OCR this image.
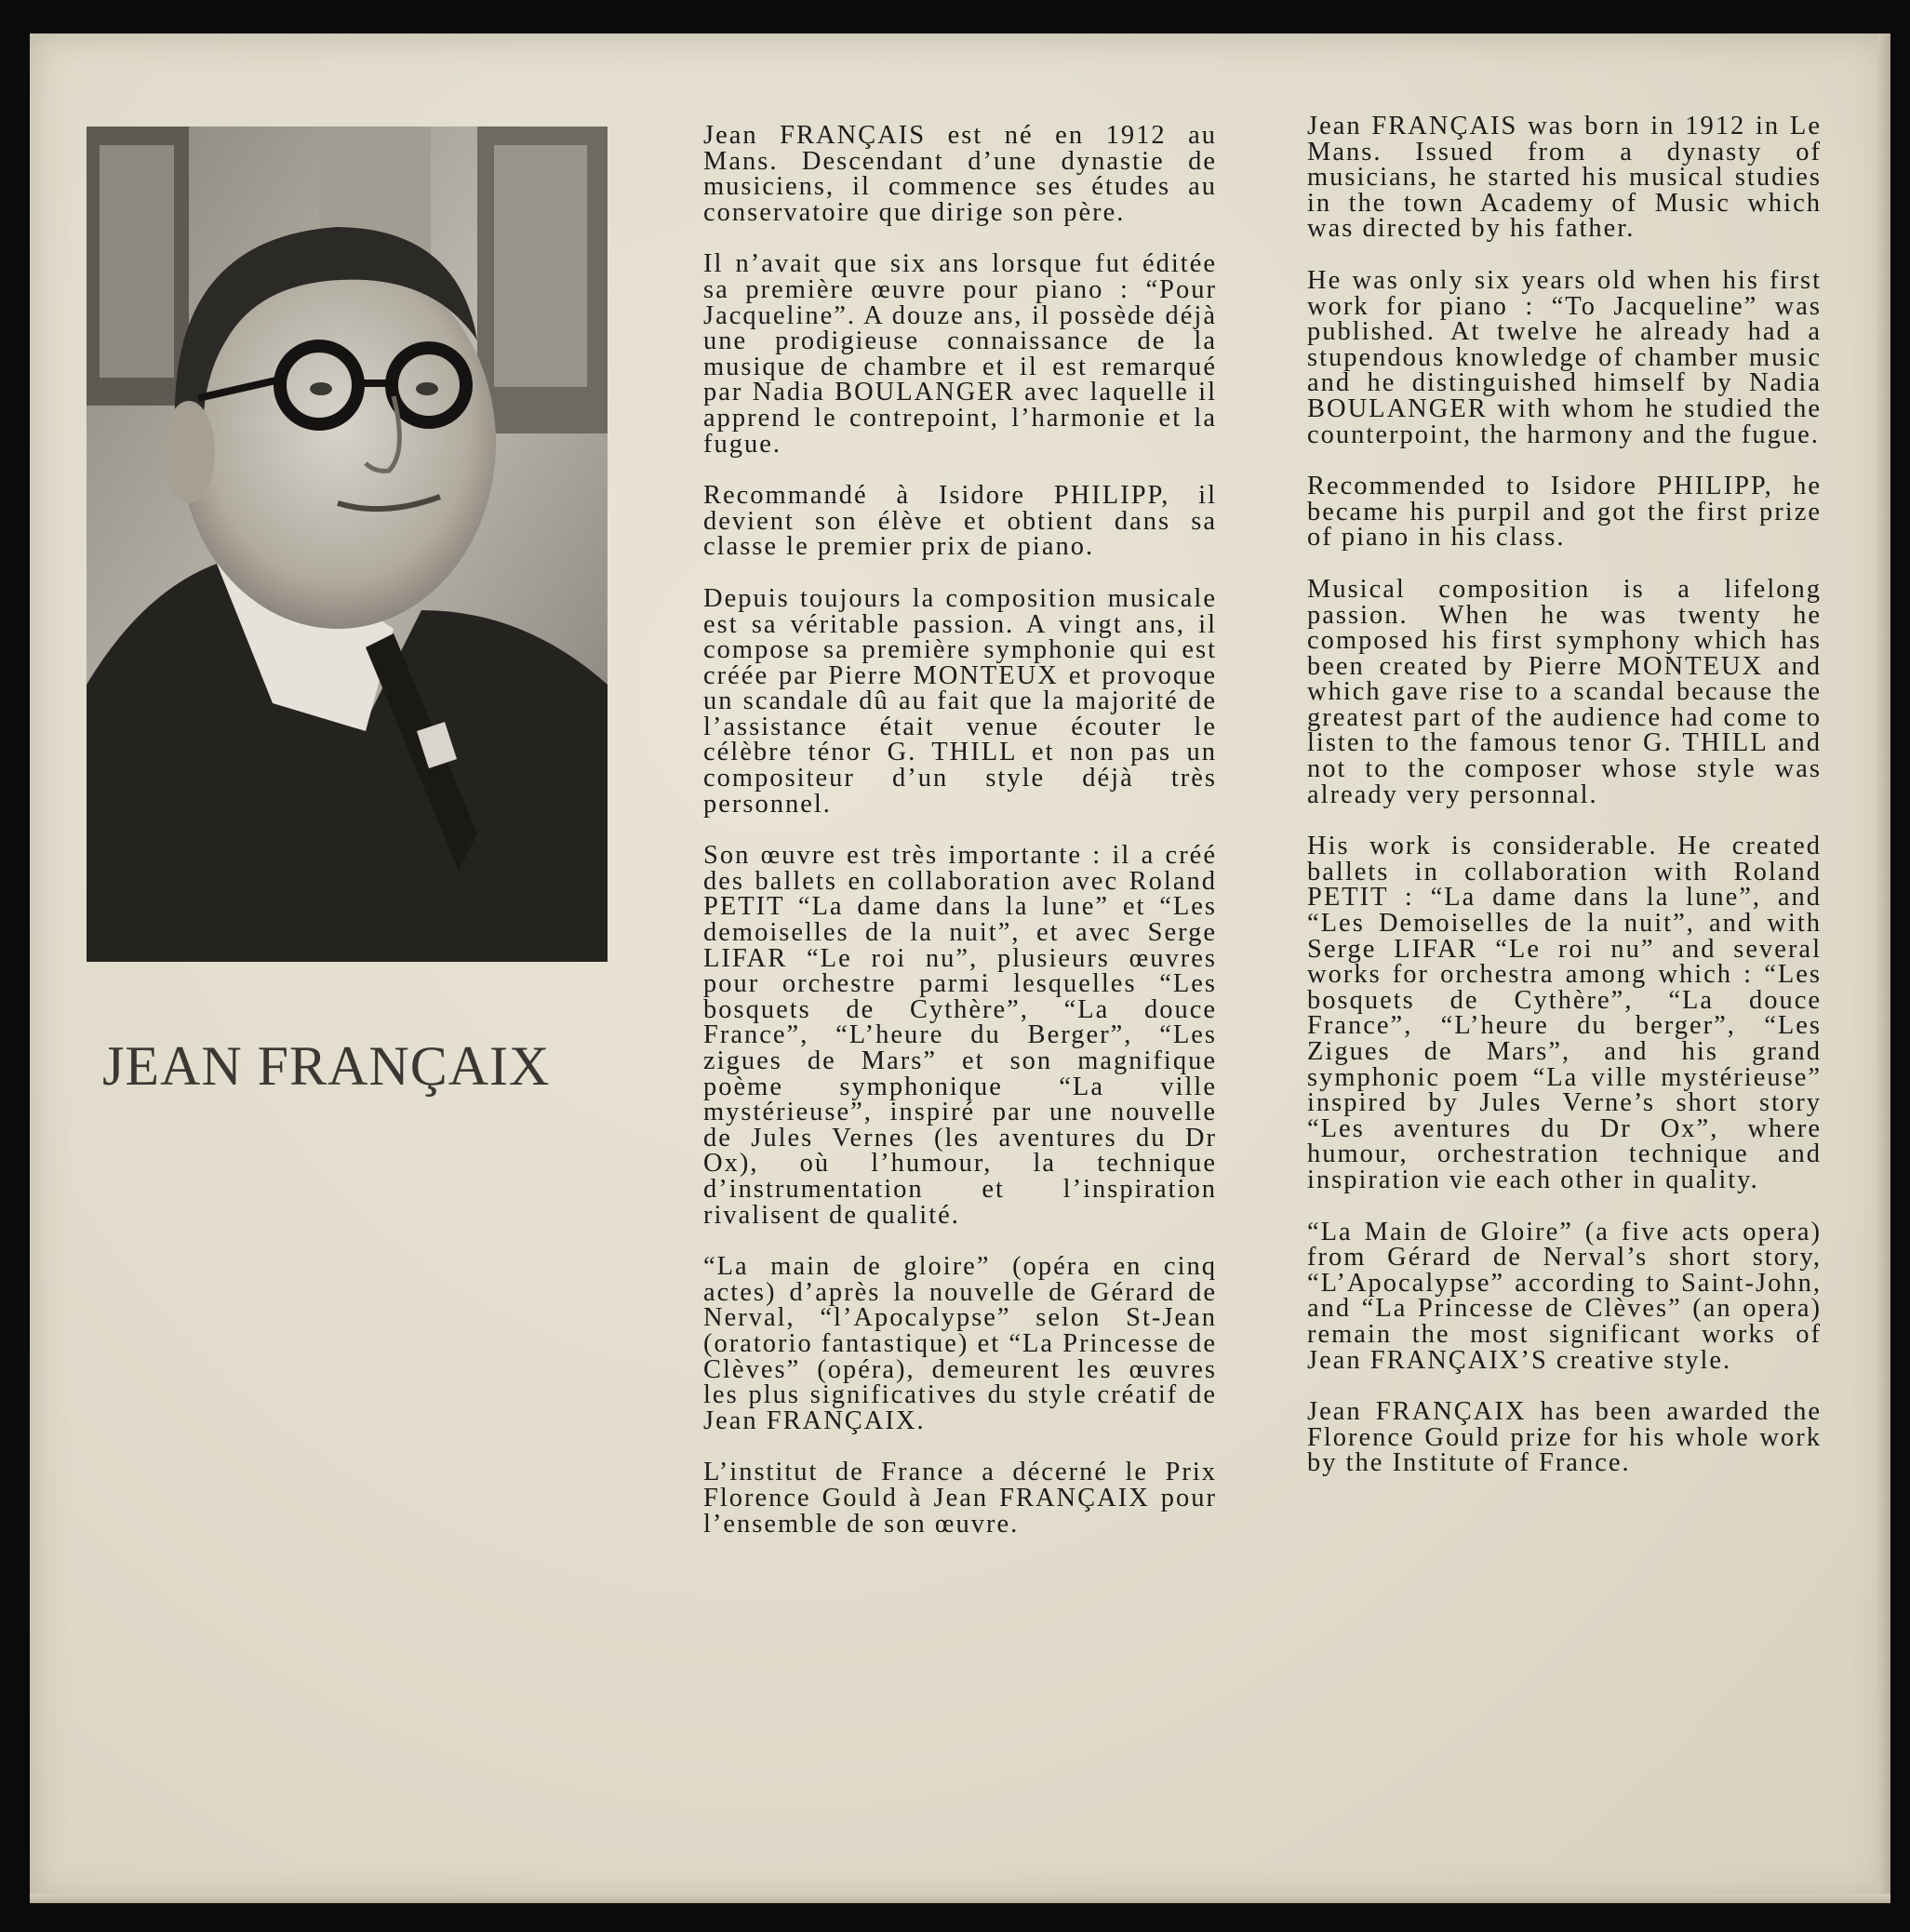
JEAN FRANÇAIX

Jean FRANÇAIS est né en 1912 au Mans. Descendant d’une dynastie de musiciens, il commence ses études au conservatoire que dirige son père.

Il n’avait que six ans lorsque fut éditée sa première œuvre pour piano : “Pour Jacqueline”. A douze ans, il possède déjà une prodigieuse connaissance de la musique de chambre et il est remarqué par Nadia BOULANGER avec laquelle il apprend le contrepoint, l’harmonie et la fugue.

Recommandé à Isidore PHILIPP, il devient son élève et obtient dans sa classe le premier prix de piano.

Depuis toujours la composition musicale est sa véritable passion. A vingt ans, il compose sa première symphonie qui est créée par Pierre MONTEUX et provoque un scandale dû au fait que la majorité de l’assistance était venue écouter le célèbre ténor G. THILL et non pas un compositeur d’un style déjà très personnel.

Son œuvre est très importante : il a créé des ballets en collaboration avec Roland PETIT “La dame dans la lune” et “Les demoiselles de la nuit”, et avec Serge LIFAR “Le roi nu”, plusieurs œuvres pour orchestre parmi lesquelles “Les bosquets de Cythère”, “La douce France”, “L’heure du Berger”, “Les zigues de Mars” et son magnifique poème symphonique “La ville mystérieuse”, inspiré par une nouvelle de Jules Vernes (les aventures du Dr Ox), où l’humour, la technique d’instrumentation et l’inspiration rivalisent de qualité.

“La main de gloire” (opéra en cinq actes) d’après la nouvelle de Gérard de Nerval, “l’Apocalypse” selon St-Jean (oratorio fantastique) et “La Princesse de Clèves” (opéra), demeurent les œuvres les plus significatives du style créatif de Jean FRANÇAIX.

L’institut de France a décerné le Prix Florence Gould à Jean FRANÇAIX pour l’ensemble de son œuvre.

Jean FRANÇAIS was born in 1912 in Le Mans. Issued from a dynasty of musicians, he started his musical studies in the town Academy of Music which was directed by his father.

He was only six years old when his first work for piano : “To Jacqueline” was published. At twelve he already had a stupendous knowledge of chamber music and he distinguished himself by Nadia BOULANGER with whom he studied the counterpoint, the harmony and the fugue.

Recommended to Isidore PHILIPP, he became his purpil and got the first prize of piano in his class.

Musical composition is a lifelong passion. When he was twenty he composed his first symphony which has been created by Pierre MONTEUX and which gave rise to a scandal because the greatest part of the audience had come to listen to the famous tenor G. THILL and not to the composer whose style was already very personnal.

His work is considerable. He created ballets in collaboration with Roland PETIT : “La dame dans la lune”, and “Les Demoiselles de la nuit”, and with Serge LIFAR “Le roi nu” and several works for orchestra among which : “Les bosquets de Cythère”, “La douce France”, “L’heure du berger”, “Les Zigues de Mars”, and his grand symphonic poem “La ville mystérieuse” inspired by Jules Verne’s short story “Les aventures du Dr Ox”, where humour, orchestration technique and inspiration vie each other in quality.

“La Main de Gloire” (a five acts opera) from Gérard de Nerval’s short story, “L’Apocalypse” according to Saint-John, and “La Princesse de Clèves” (an opera) remain the most significant works of Jean FRANÇAIX’S creative style.

Jean FRANÇAIX has been awarded the Florence Gould prize for his whole work by the Institute of France.
